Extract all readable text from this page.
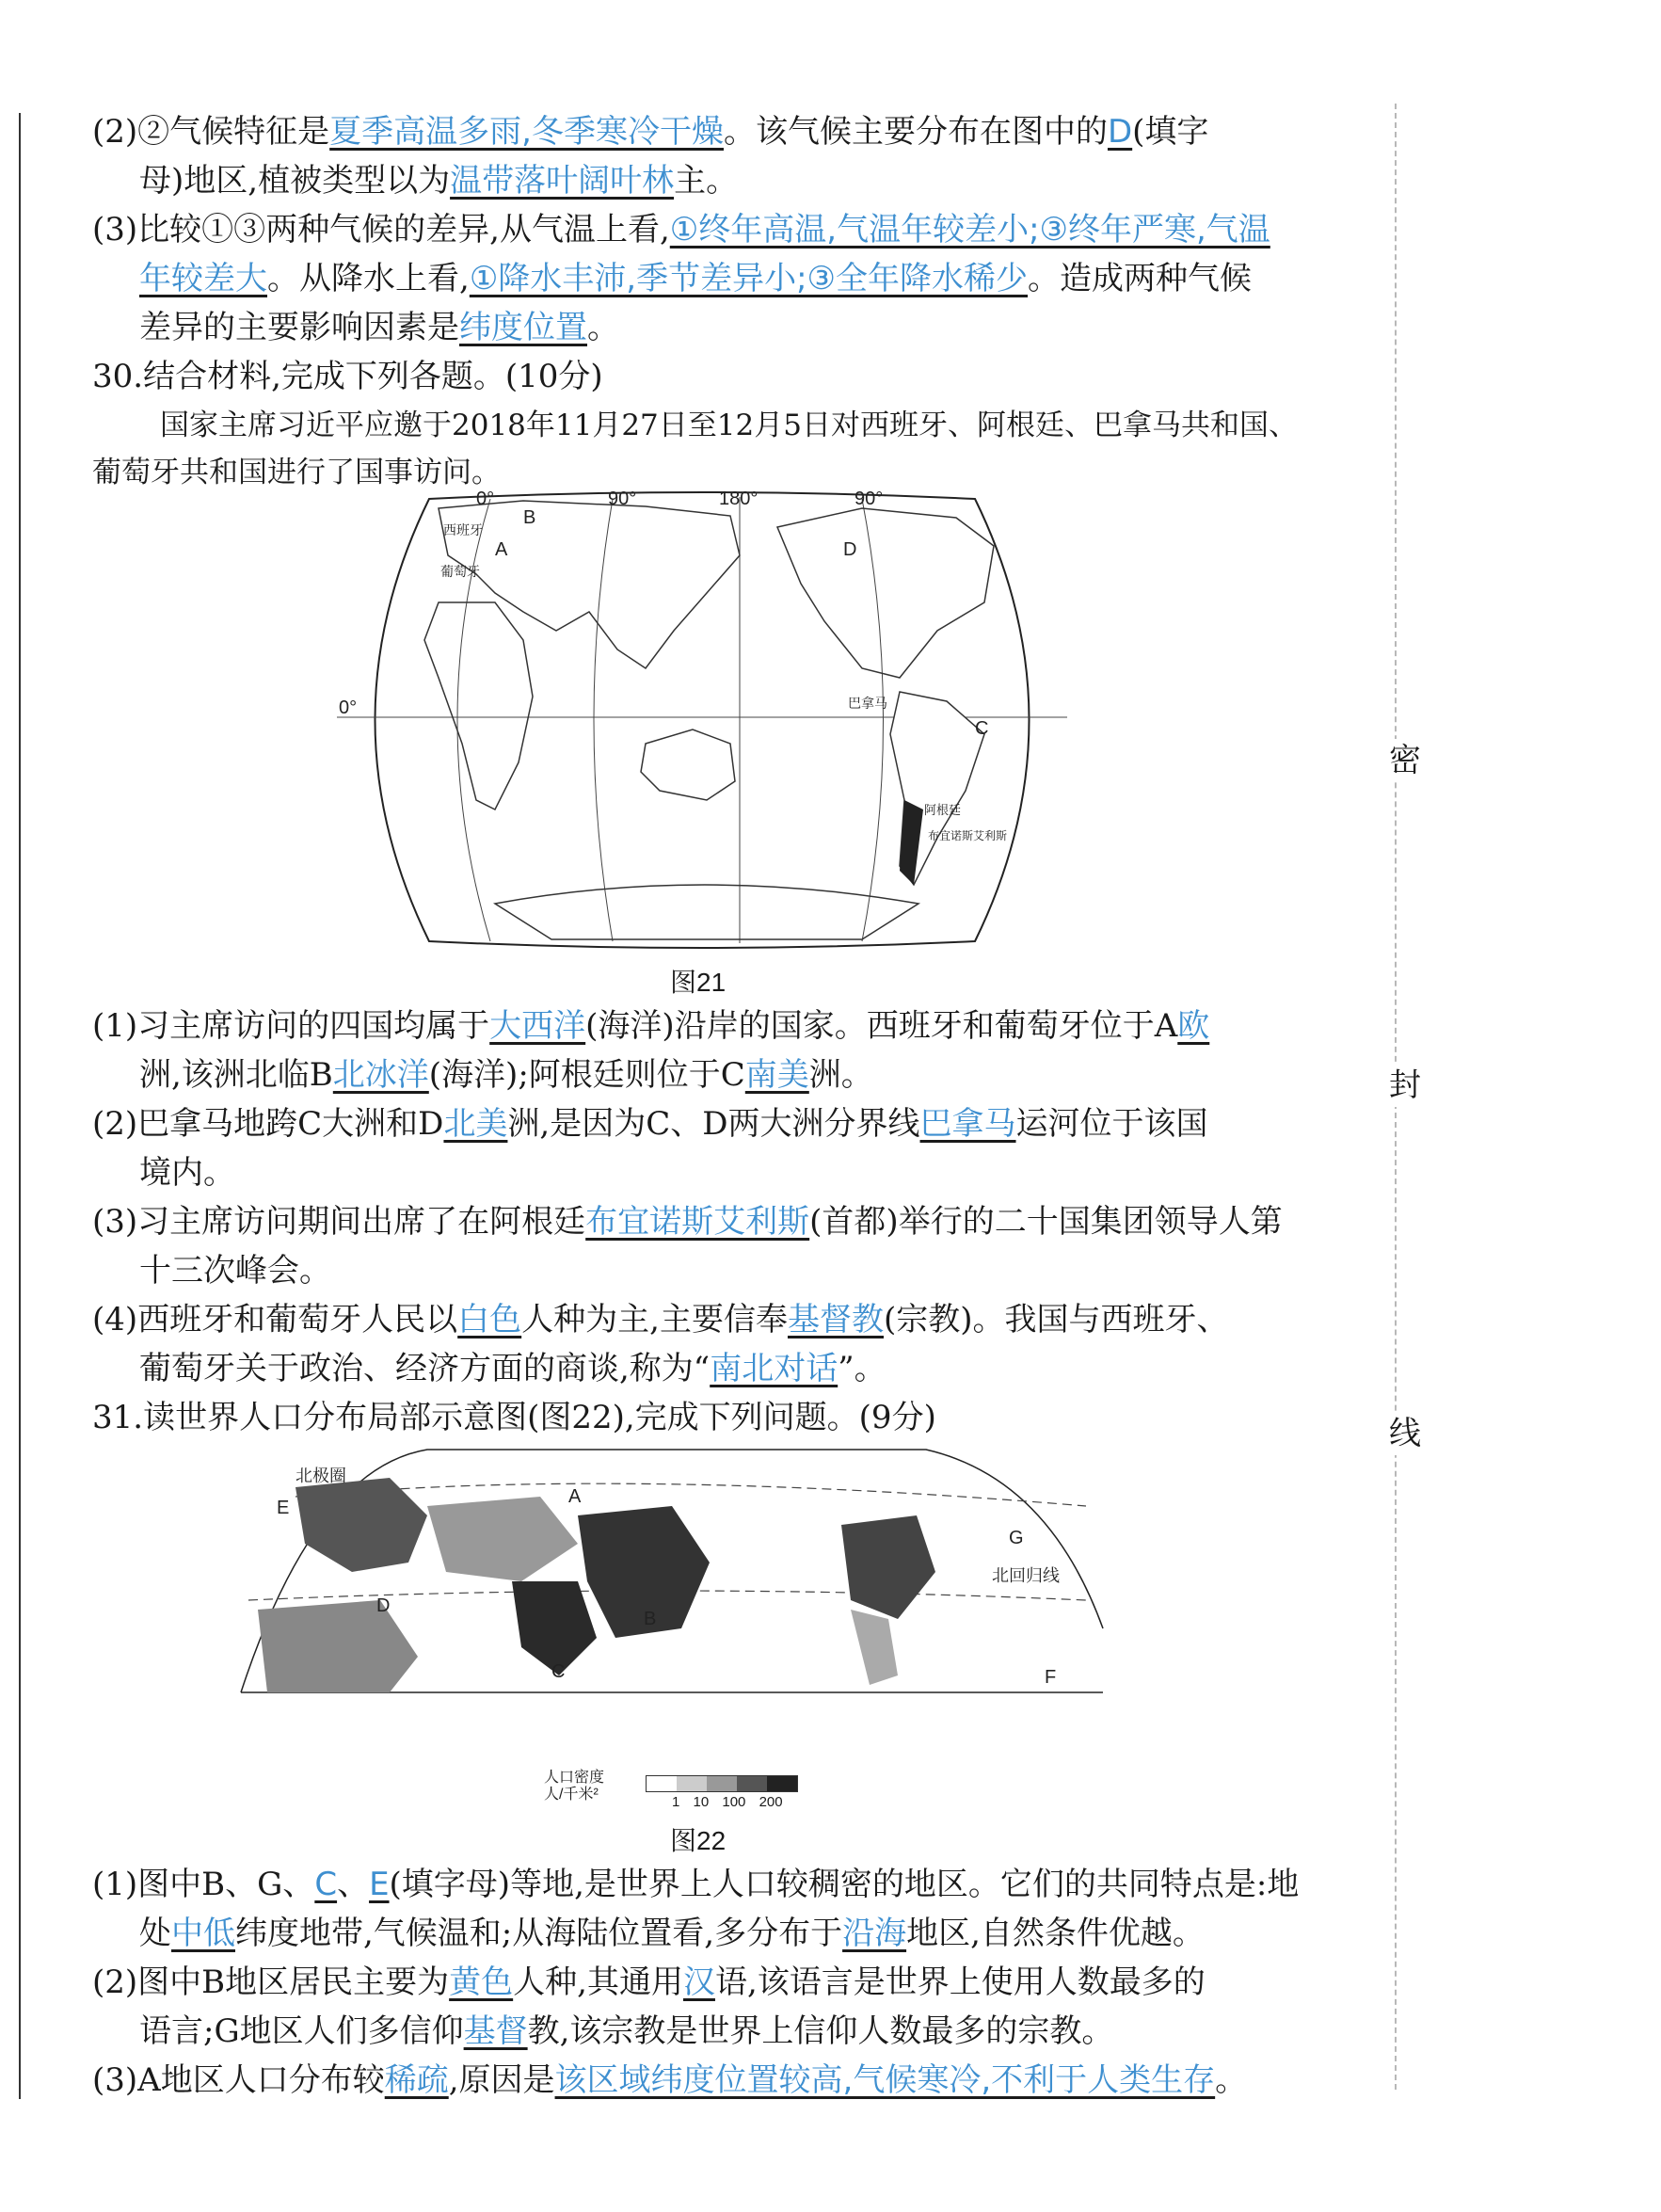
密
封
线
(2)②气候特征是夏季高温多雨,冬季寒冷干燥。该气候主要分布在图中的D(填字
母)地区,植被类型以为温带落叶阔叶林主。
(3)比较①③两种气候的差异,从气温上看,①终年高温,气温年较差小;③终年严寒,气温
年较差大。从降水上看,①降水丰沛,季节差异小;③全年降水稀少。造成两种气候
差异的主要影响因素是纬度位置。
30.结合材料,完成下列各题。(10分)
国家主席习近平应邀于2018年11月27日至12月5日对西班牙、阿根廷、巴拿马共和国、
葡萄牙共和国进行了国事访问。
0°	90°	180°	90°
0°
A
B
C
D
西班牙
葡萄牙
巴拿马
阿根廷
布宜诺斯艾利斯
图21
(1)习主席访问的四国均属于大西洋(海洋)沿岸的国家。西班牙和葡萄牙位于A欧
洲,该洲北临B北冰洋(海洋);阿根廷则位于C南美洲。
(2)巴拿马地跨C大洲和D北美洲,是因为C、D两大洲分界线巴拿马运河位于该国
境内。
(3)习主席访问期间出席了在阿根廷布宜诺斯艾利斯(首都)举行的二十国集团领导人第
十三次峰会。
(4)西班牙和葡萄牙人民以白色人种为主,主要信奉基督教(宗教)。我国与西班牙、
葡萄牙关于政治、经济方面的商谈,称为“南北对话”。
31.读世界人口分布局部示意图(图22),完成下列问题。(9分)
北极圈
北回归线
A
B
C
D
E
F
G
人口密度
人/千米²	1 10 100 200
图22
(1)图中B、G、C、E(填字母)等地,是世界上人口较稠密的地区。它们的共同特点是:地
处中低纬度地带,气候温和;从海陆位置看,多分布于沿海地区,自然条件优越。
(2)图中B地区居民主要为黄色人种,其通用汉语,该语言是世界上使用人数最多的
语言;G地区人们多信仰基督教,该宗教是世界上信仰人数最多的宗教。
(3)A地区人口分布较稀疏,原因是该区域纬度位置较高,气候寒冷,不利于人类生存。
